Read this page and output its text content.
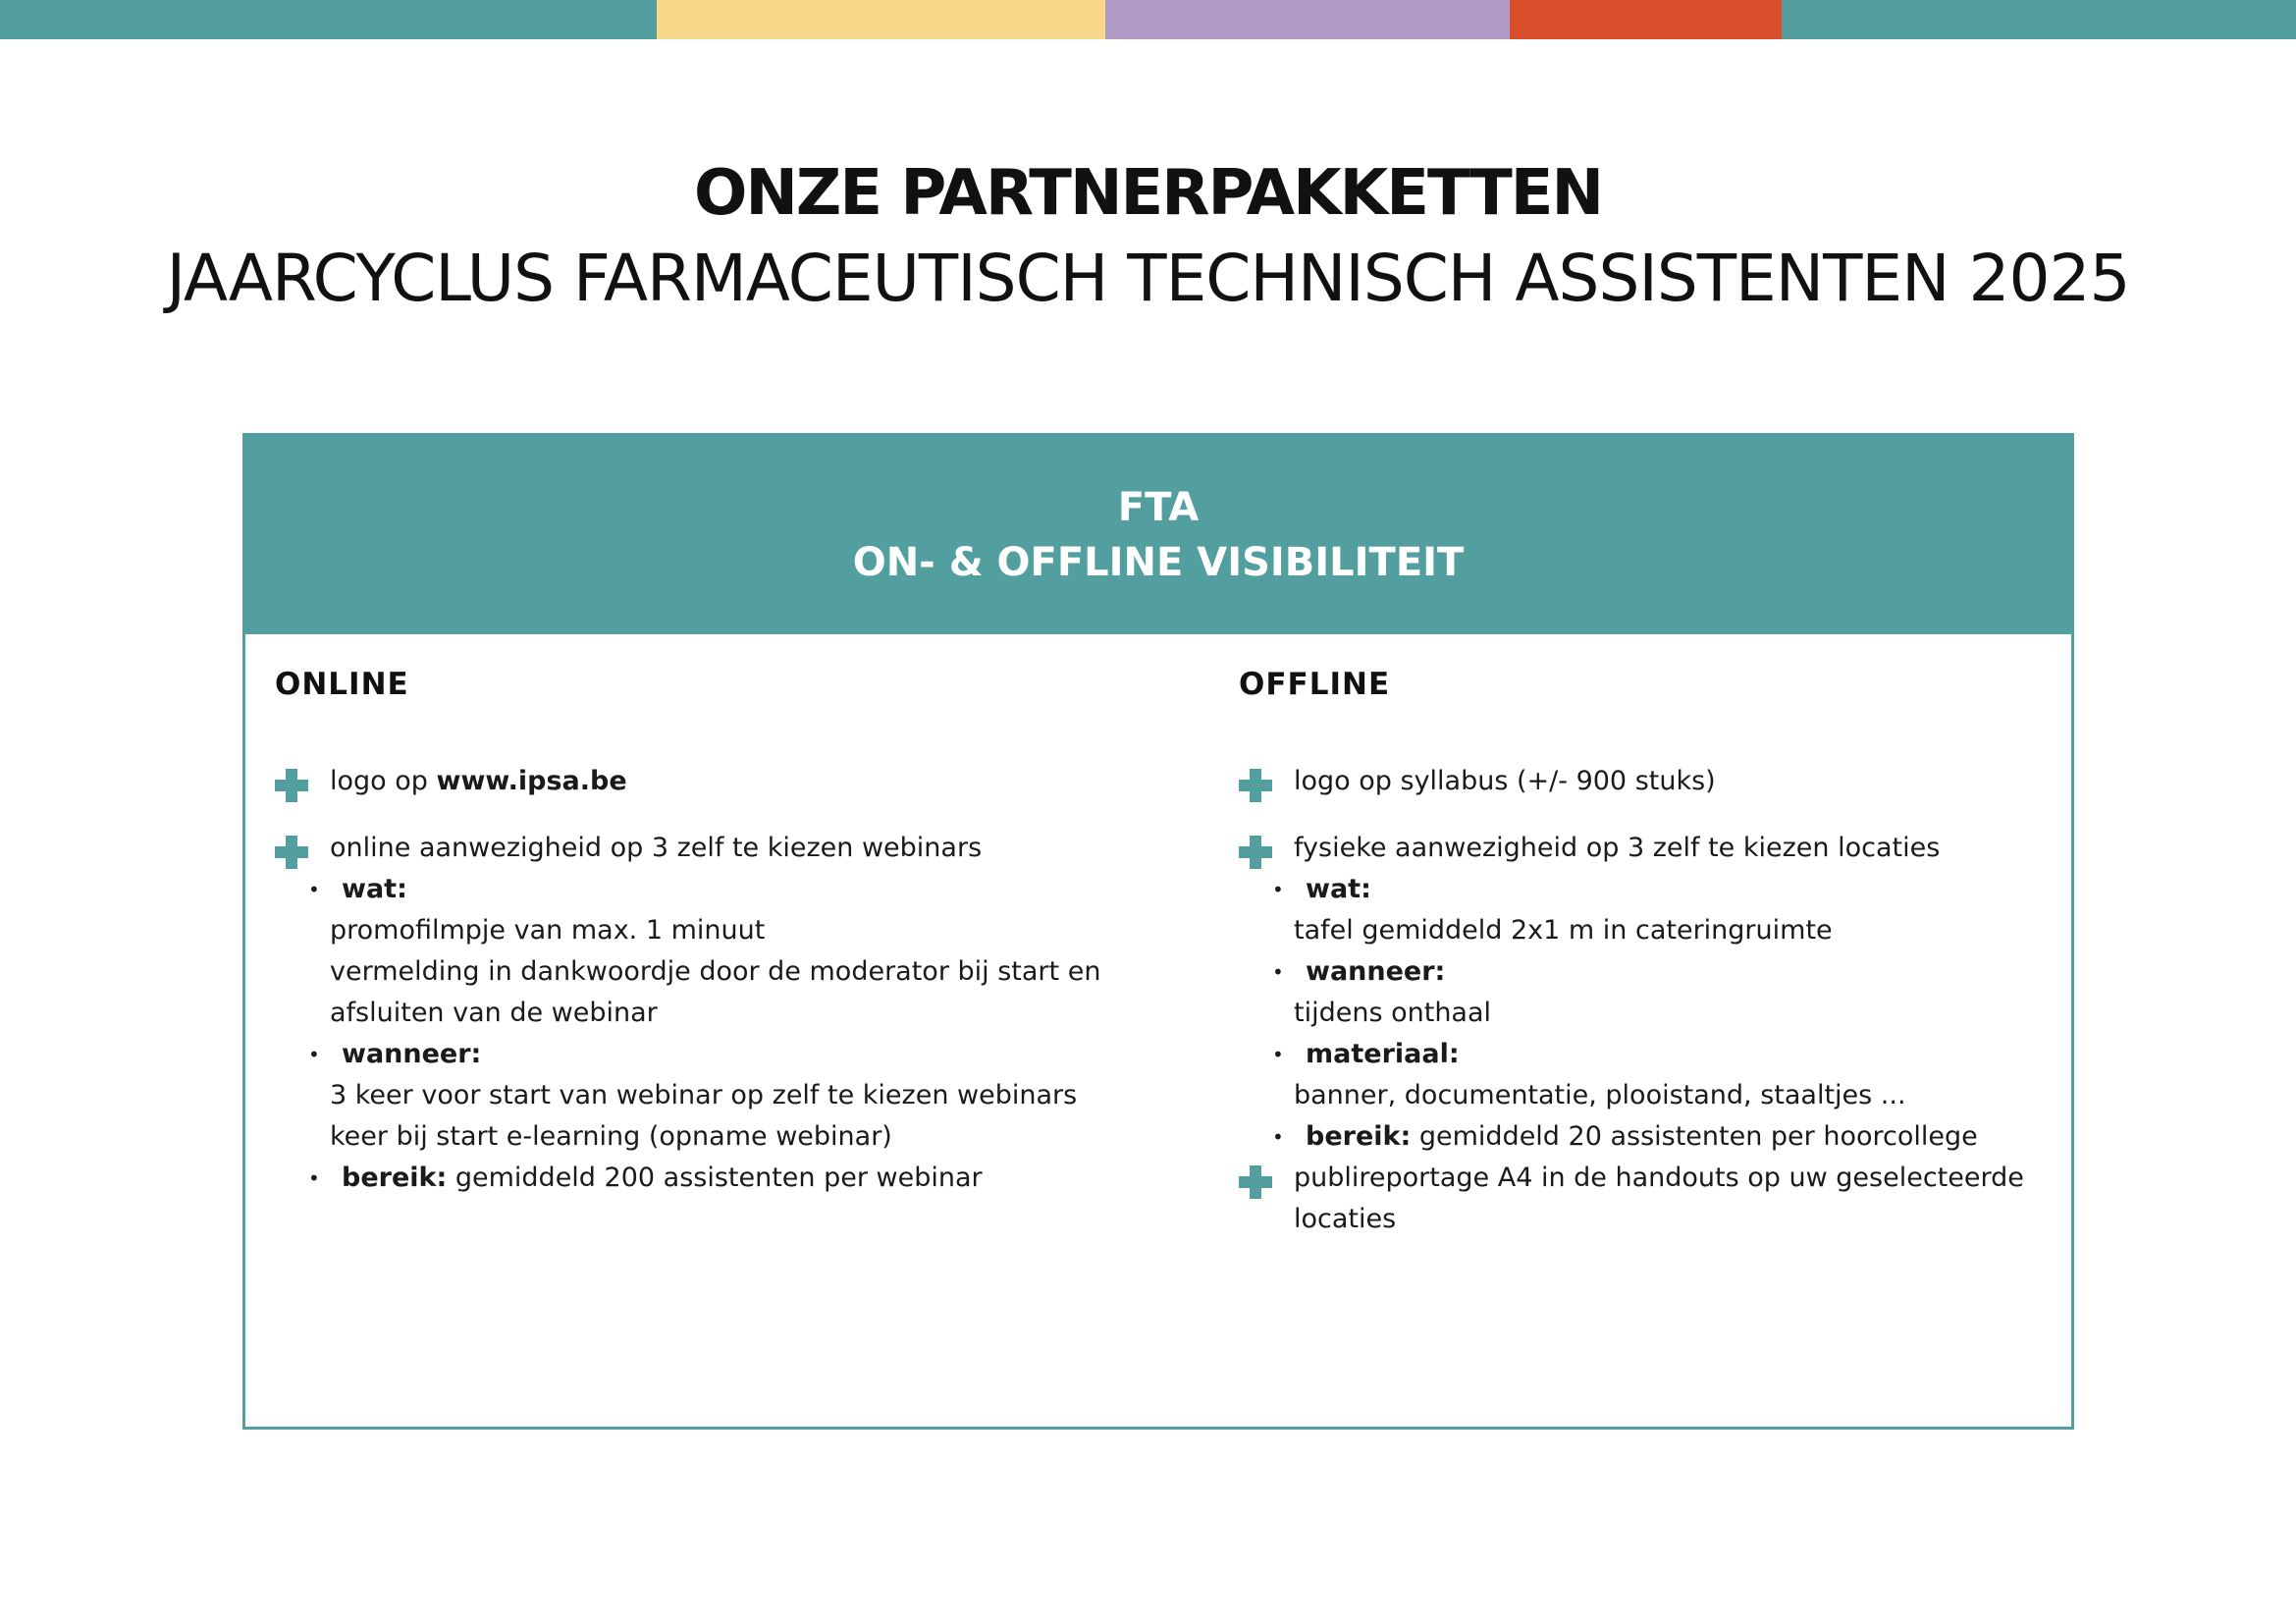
ONZE PARTNERPAKKETTEN
JAARCYCLUS FARMACEUTISCH TECHNISCH ASSISTENTEN 2025
FTA
ON- & OFFLINE VISIBILITEIT
ONLINE
logo op www.ipsa.be
online aanwezigheid op 3 zelf te kiezen webinars
• wat:
promofilmpje van max. 1 minuut
vermelding in dankwoordje door de moderator bij start en
afsluiten van de webinar
• wanneer:
3 keer voor start van webinar op zelf te kiezen webinars
keer bij start e-learning (opname webinar)
• bereik: gemiddeld 200 assistenten per webinar
OFFLINE
logo op syllabus (+/- 900 stuks)
fysieke aanwezigheid op 3 zelf te kiezen locaties
• wat:
tafel gemiddeld 2x1 m in cateringruimte
• wanneer:
tijdens onthaal
• materiaal:
banner, documentatie, plooistand, staaltjes ...
• bereik: gemiddeld 20 assistenten per hoorcollege
publireportage A4 in de handouts op uw geselecteerde
locaties
